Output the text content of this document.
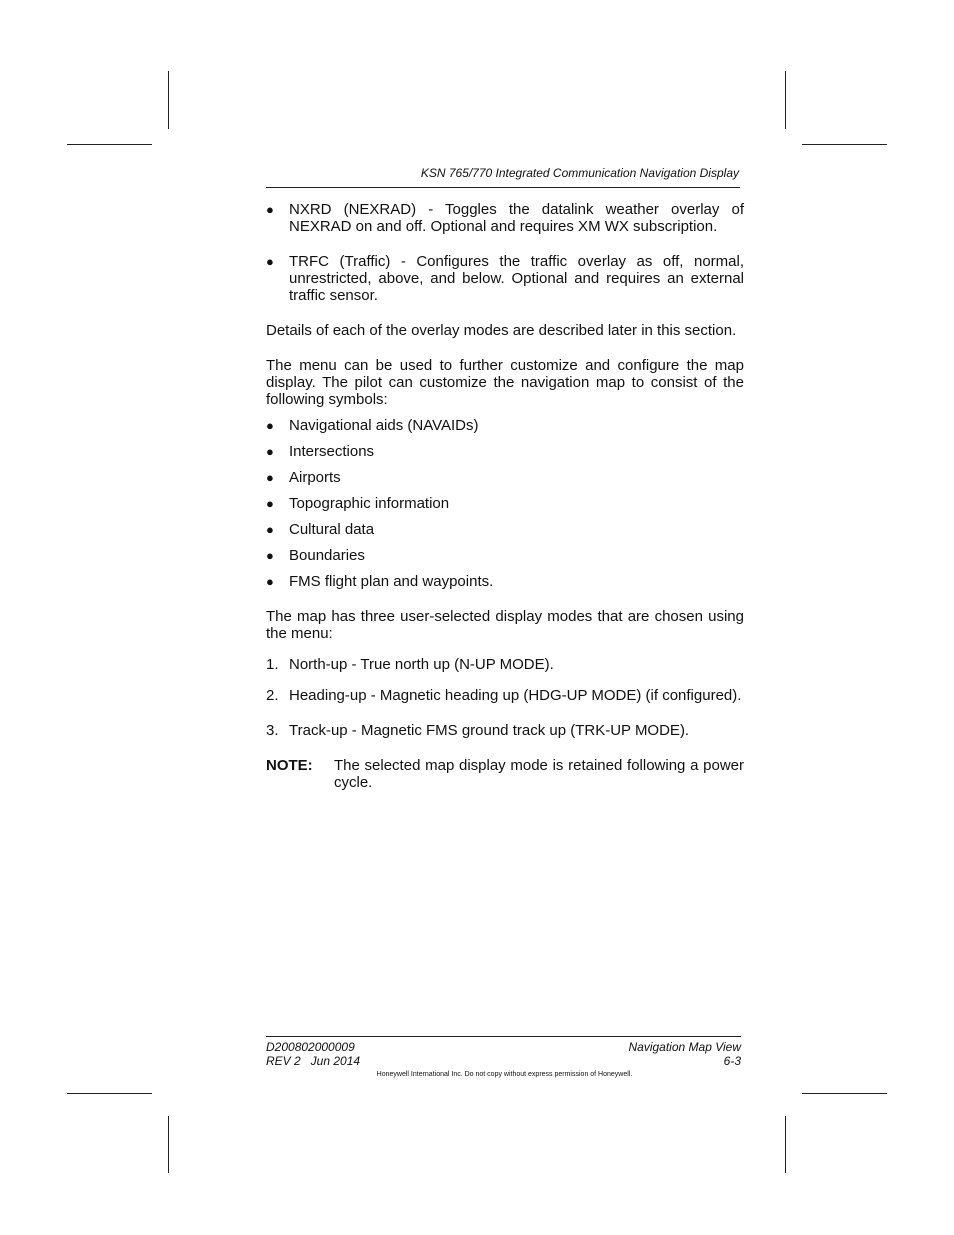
KSN 765/770 Integrated Communication Navigation Display
● NXRD (NEXRAD) - Toggles the datalink weather overlay of NEXRAD on and off. Optional and requires XM WX subscription.
● TRFC (Traffic) - Configures the traffic overlay as off, normal, unrestricted, above, and below. Optional and requires an external traffic sensor.

Details of each of the overlay modes are described later in this section.

The menu can be used to further customize and configure the map display. The pilot can customize the navigation map to consist of the following symbols:

● Navigational aids (NAVAIDs)
● Intersections
● Airports
● Topographic information
● Cultural data
● Boundaries
● FMS flight plan and waypoints.

The map has three user-selected display modes that are chosen using the menu:

1. North-up - True north up (N-UP MODE).
2. Heading-up - Magnetic heading up (HDG-UP MODE) (if configured).
3. Track-up - Magnetic FMS ground track up (TRK-UP MODE).
NOTE: The selected map display mode is retained following a power cycle.
D200802000009
REV 2   Jun 2014
Navigation Map View
6-3
Honeywell International Inc. Do not copy without express permission of Honeywell.
